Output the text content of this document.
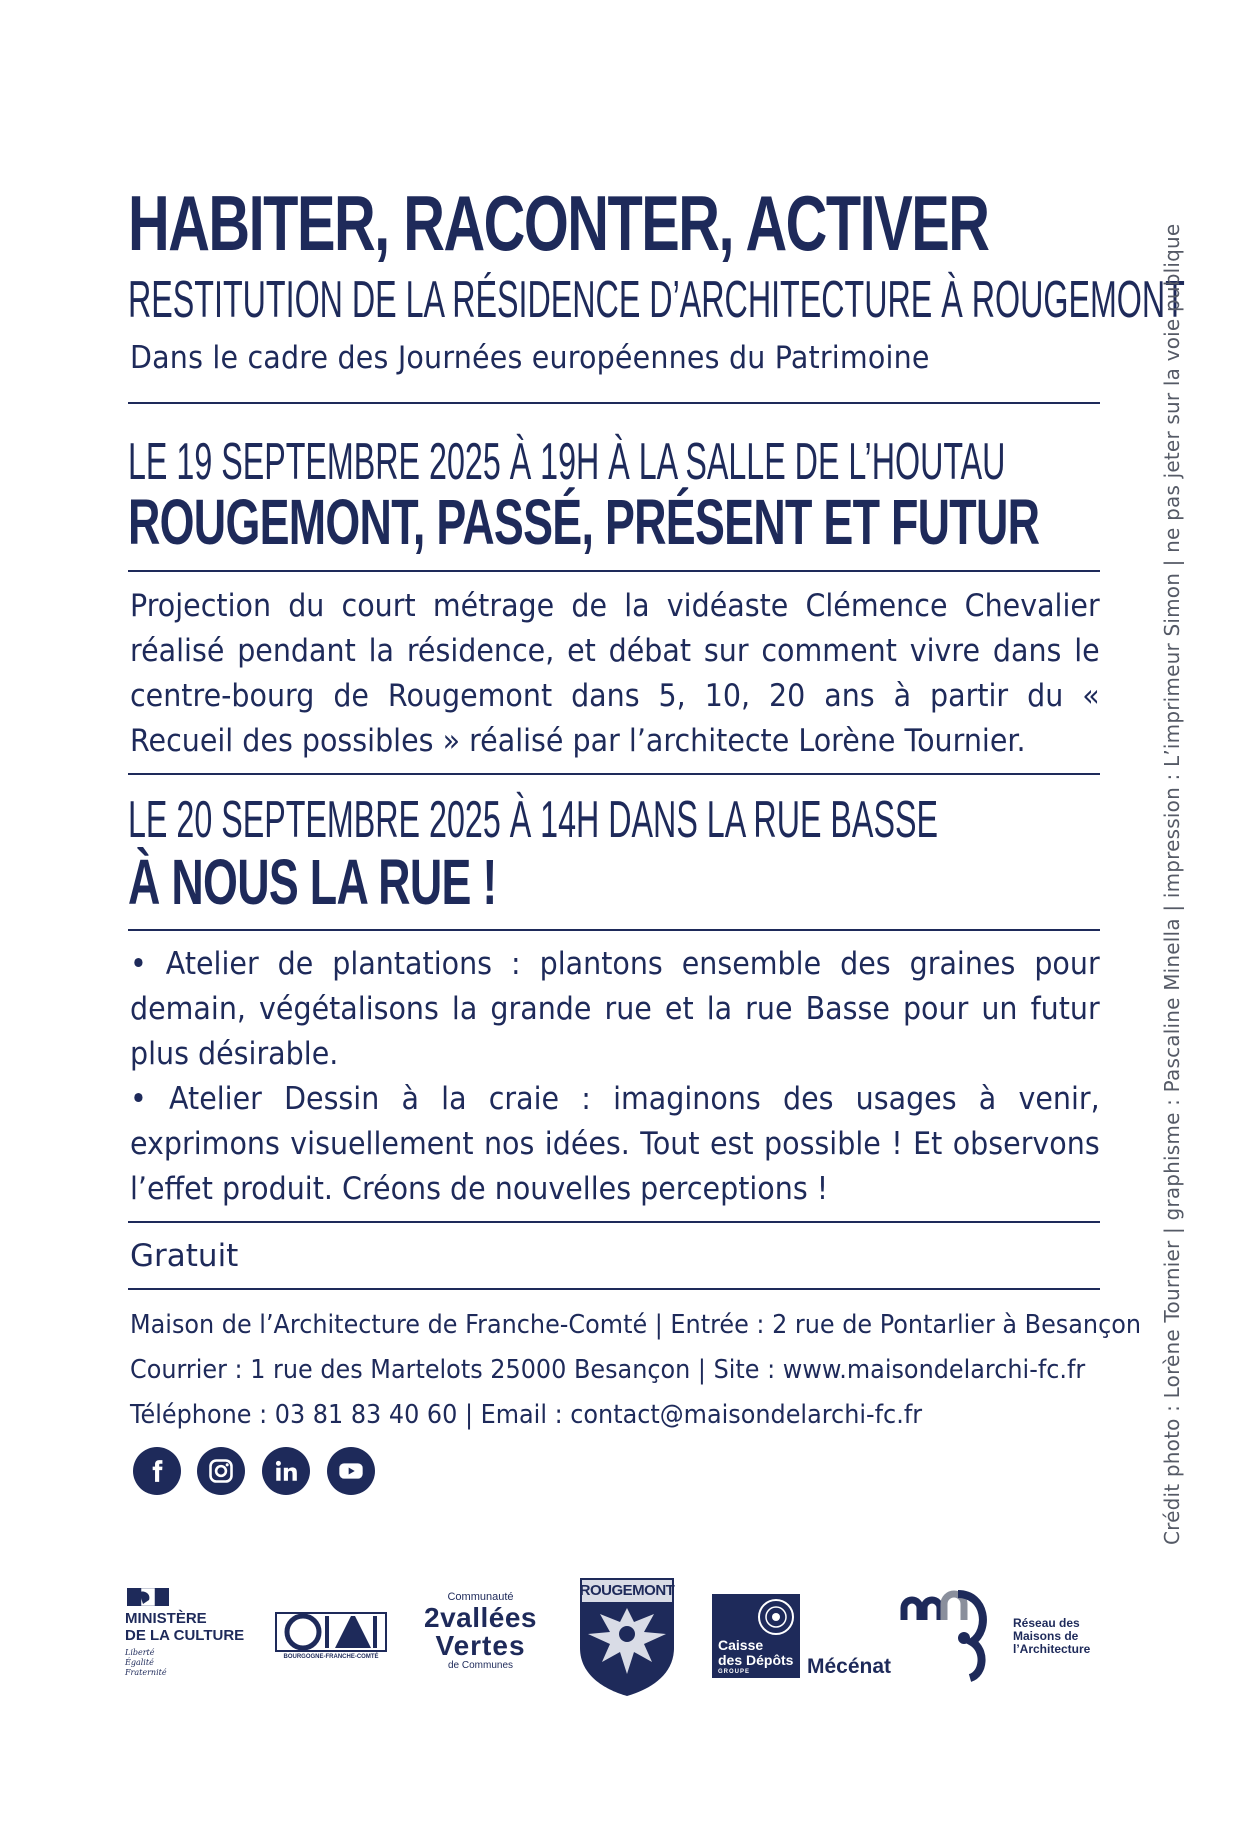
HABITER, RACONTER, ACTIVER
RESTITUTION DE LA RÉSIDENCE D’ARCHITECTURE À ROUGEMONT
Dans le cadre des Journées européennes du Patrimoine
LE 19 SEPTEMBRE 2025 À 19H À LA SALLE DE L’HOUTAU
ROUGEMONT, PASSÉ, PRÉSENT ET FUTUR

Projection du court métrage de la vidéaste Clémence Chevalier réalisé pendant la résidence, et débat sur comment vivre dans le centre-bourg de Rougemont dans 5, 10, 20 ans à partir du « Recueil des possibles » réalisé par l’architecte Lorène Tournier.

LE 20 SEPTEMBRE 2025 À 14H DANS LA RUE BASSE
À NOUS LA RUE !

• Atelier de plantations : plantons ensemble des graines pour demain, végétalisons la grande rue et la rue Basse pour un futur plus désirable.

• Atelier Dessin à la craie : imaginons des usages à venir, exprimons visuellement nos idées. Tout est possible ! Et observons l’effet produit. Créons de nouvelles perceptions !

Gratuit
Maison de l’Architecture de Franche-Comté | Entrée : 2 rue de Pontarlier à Besançon
Courrier : 1 rue des Martelots 25000 Besançon | Site : www.maisondelarchi-fc.fr
Téléphone : 03 81 83 40 60 | Email : contact@maisondelarchi-fc.fr	Crédit photo : Lorène Tournier | graphisme : Pascaline Minella | impression : L’imprimeur Simon | ne pas jeter sur la voie publique
MINISTÈRE
DE LA CULTURE
Liberté
Égalité
Fraternité
BOURGOGNE-FRANCHE-COMTÉ
Communauté
2vallées
Vertes
de Communes
ROUGEMONT
Caisse
des Dépôts
GROUPE	Mécénat
Réseau des
Maisons de
l’Architecture
